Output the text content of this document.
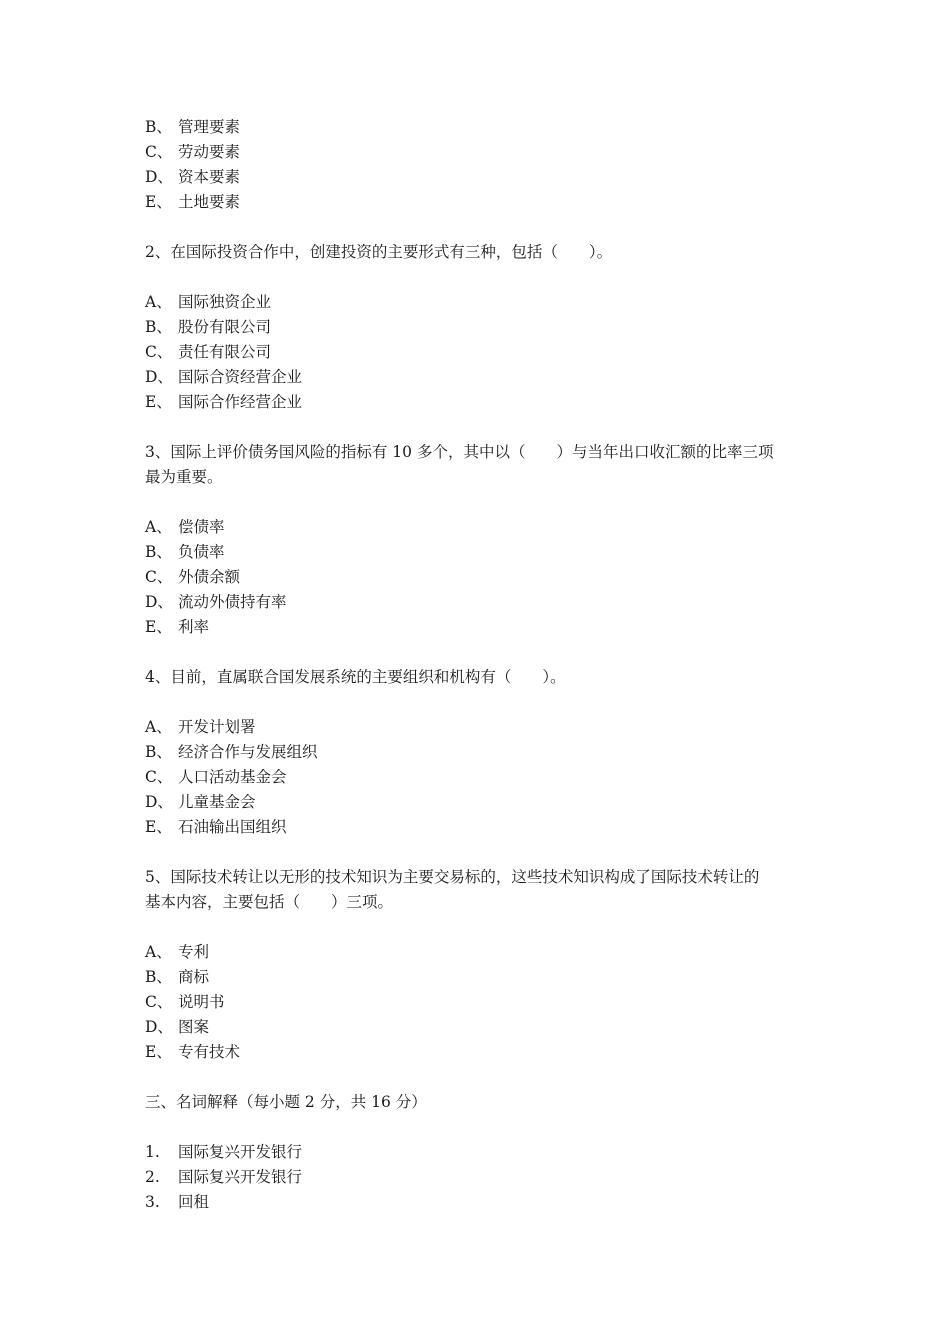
B、 管理要素
C、 劳动要素
D、 资本要素
E、 土地要素
2、在国际投资合作中，创建投资的主要形式有三种，包括（　　）。
A、 国际独资企业
B、 股份有限公司
C、 责任有限公司
D、 国际合资经营企业
E、 国际合作经营企业
3、国际上评价债务国风险的指标有 10 多个，其中以（　　）与当年出口收汇额的比率三项
最为重要。
A、 偿债率
B、 负债率
C、 外债余额
D、 流动外债持有率
E、 利率
4、目前，直属联合国发展系统的主要组织和机构有（　　）。
A、 开发计划署
B、 经济合作与发展组织
C、 人口活动基金会
D、 儿童基金会
E、 石油输出国组织
5、国际技术转让以无形的技术知识为主要交易标的，这些技术知识构成了国际技术转让的
基本内容，主要包括（　　）三项。
A、 专利
B、 商标
C、 说明书
D、 图案
E、 专有技术
三、名词解释（每小题 2 分，共 16 分）
1. 国际复兴开发银行
2. 国际复兴开发银行
3. 回租
